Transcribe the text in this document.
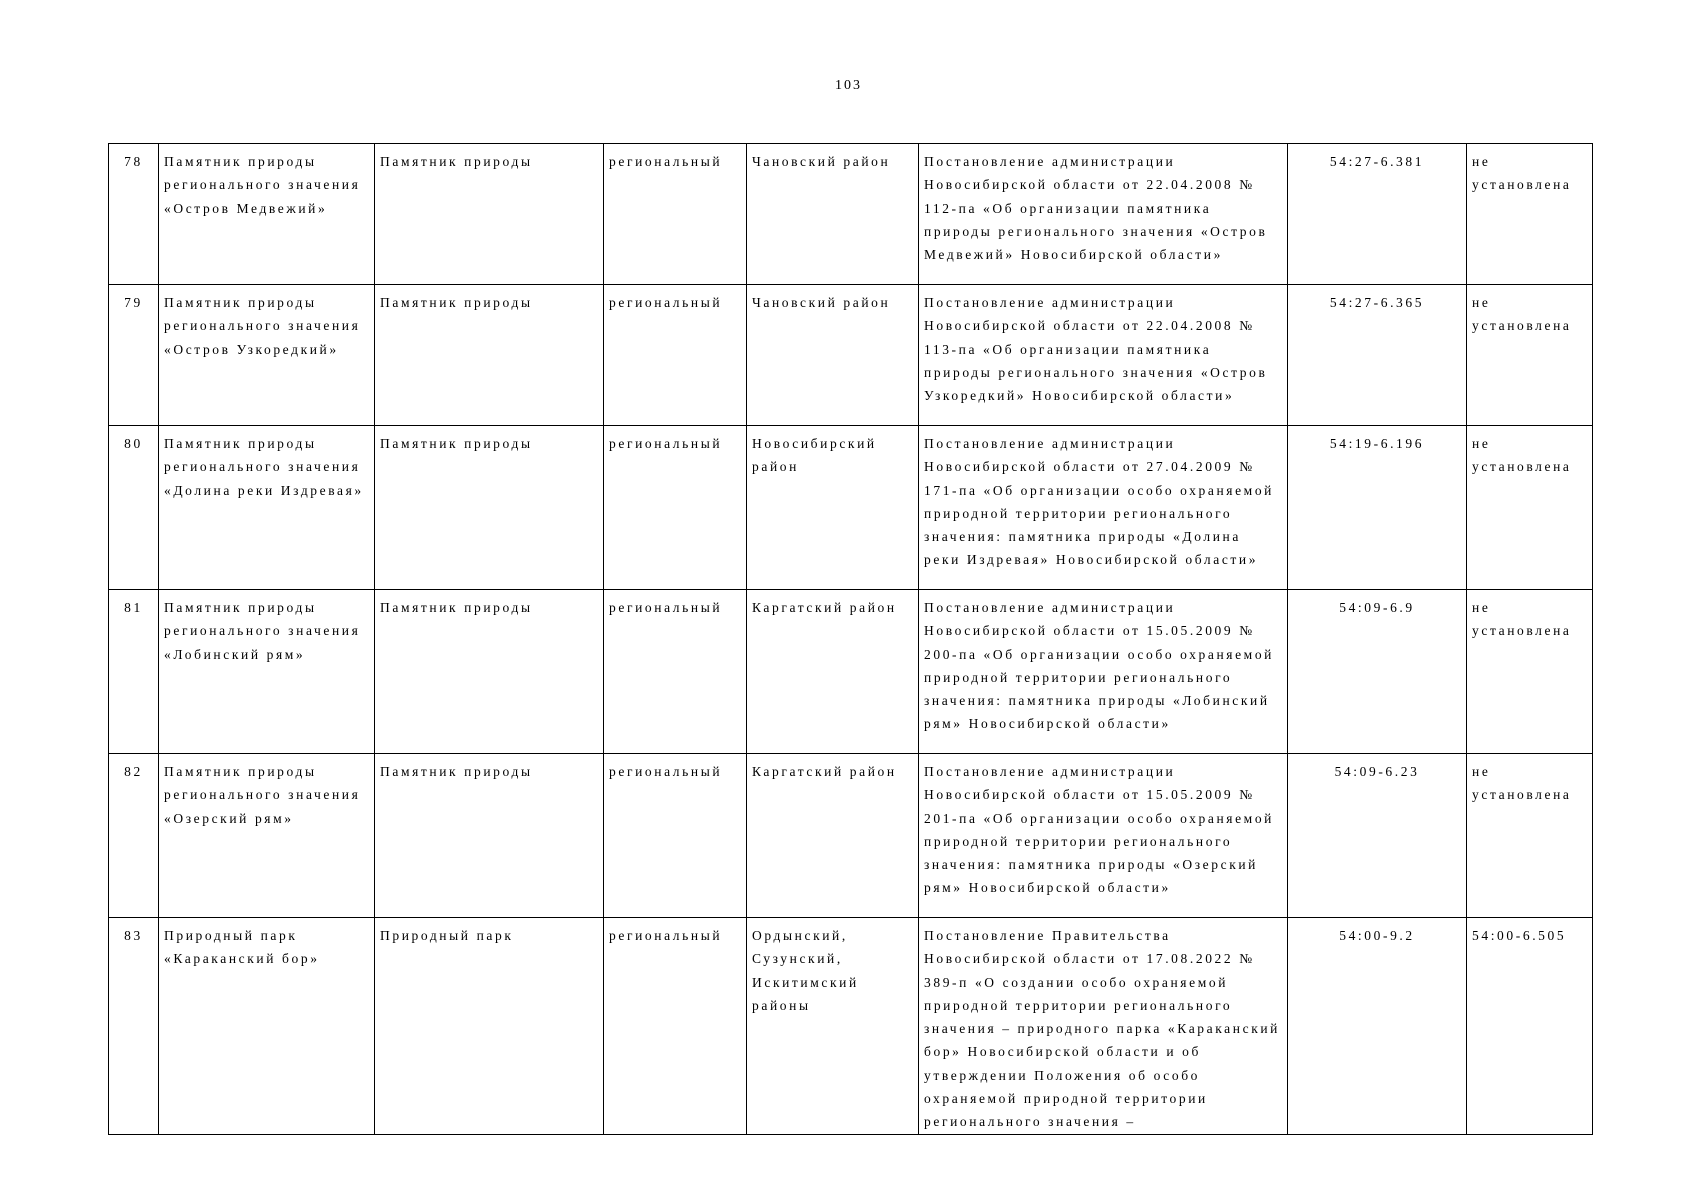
103
78	Памятник природы регионального значения «Остров Медвежий»	Памятник природы	региональный	Чановский район	Постановление администрации Новосибирской области от 22.04.2008 № 112-па «Об организации памятника природы регионального значения «Остров Медвежий» Новосибирской области»	54:27-6.381	не установлена
79	Памятник природы регионального значения «Остров Узкоредкий»	Памятник природы	региональный	Чановский район	Постановление администрации Новосибирской области от 22.04.2008 № 113-па «Об организации памятника природы регионального значения «Остров Узкоредкий» Новосибирской области»	54:27-6.365	не установлена
80	Памятник природы регионального значения «Долина реки Издревая»	Памятник природы	региональный	Новосибирский район	Постановление администрации Новосибирской области от 27.04.2009 № 171-па «Об организации особо охраняемой природной территории регионального значения: памятника природы «Долина реки Издревая» Новосибирской области»	54:19-6.196	не установлена
81	Памятник природы регионального значения «Лобинский рям»	Памятник природы	региональный	Каргатский район	Постановление администрации Новосибирской области от 15.05.2009 № 200-па «Об организации особо охраняемой природной территории регионального значения: памятника природы «Лобинский рям» Новосибирской области»	54:09-6.9	не установлена
82	Памятник природы регионального значения «Озерский рям»	Памятник природы	региональный	Каргатский район	Постановление администрации Новосибирской области от 15.05.2009 № 201-па «Об организации особо охраняемой природной территории регионального значения: памятника природы «Озерский рям» Новосибирской области»	54:09-6.23	не установлена
83	Природный парк «Караканский бор»	Природный парк	региональный	Ордынский, Сузунский, Искитимский районы	Постановление Правительства Новосибирской области от 17.08.2022 № 389-п «О создании особо охраняемой природной территории регионального значения – природного парка «Караканский бор» Новосибирской области и об утверждении Положения об особо охраняемой природной территории регионального значения –	54:00-9.2	54:00-6.505
